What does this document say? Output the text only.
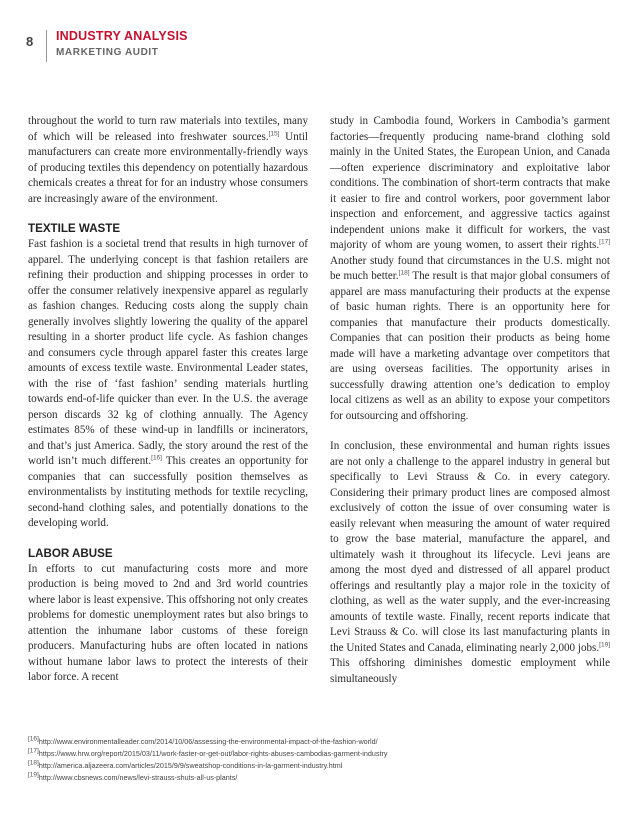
8 INDUSTRY ANALYSIS
MARKETING AUDIT

throughout the world to turn raw materials into textiles, many of which will be released into freshwater sources.[15] Until manufacturers can create more environmentally-friendly ways of producing textiles this dependency on potentially hazardous chemicals creates a threat for for an industry whose consumers are increasingly aware of the environment.

TEXTILE WASTE

Fast fashion is a societal trend that results in high turnover of apparel. The underlying concept is that fashion retailers are refining their production and shipping processes in order to offer the consumer relatively inexpensive apparel as regularly as fashion changes. Reducing costs along the supply chain generally involves slightly lowering the quality of the apparel resulting in a shorter product life cycle. As fashion changes and consumers cycle through apparel faster this creates large amounts of excess textile waste. Environmental Leader states, with the rise of ‘fast fashion’ sending materials hurtling towards end-of-life quicker than ever. In the U.S. the average person discards 32 kg of clothing annually. The Agency estimates 85% of these wind-up in landfills or incinerators, and that’s just America. Sadly, the story around the rest of the world isn’t much different.[16] This creates an opportunity for companies that can successfully position themselves as environmentalists by instituting methods for textile recycling, second-hand clothing sales, and potentially donations to the developing world.

LABOR ABUSE

In efforts to cut manufacturing costs more and more production is being moved to 2nd and 3rd world countries where labor is least expensive. This offshoring not only creates problems for domestic unemployment rates but also brings to attention the inhumane labor customs of these foreign producers. Manufacturing hubs are often located in nations without humane labor laws to protect the interests of their labor force. A recent

study in Cambodia found, Workers in Cambodia’s garment factories—frequently producing name-brand clothing sold mainly in the United States, the European Union, and Canada—often experience discriminatory and exploitative labor conditions. The combination of short-term contracts that make it easier to fire and control workers, poor government labor inspection and enforcement, and aggressive tactics against independent unions make it difficult for workers, the vast majority of whom are young women, to assert their rights.[17] Another study found that circumstances in the U.S. might not be much better.[18] The result is that major global consumers of apparel are mass manufacturing their products at the expense of basic human rights. There is an opportunity here for companies that manufacture their products domestically. Companies that can position their products as being home made will have a marketing advantage over competitors that are using overseas facilities. The opportunity arises in successfully drawing attention one’s dedication to employ local citizens as well as an ability to expose your competitors for outsourcing and offshoring.

In conclusion, these environmental and human rights issues are not only a challenge to the apparel industry in general but specifically to Levi Strauss & Co. in every category. Considering their primary product lines are composed almost exclusively of cotton the issue of over consuming water is easily relevant when measuring the amount of water required to grow the base material, manufacture the apparel, and ultimately wash it throughout its lifecycle. Levi jeans are among the most dyed and distressed of all apparel product offerings and resultantly play a major role in the toxicity of clothing, as well as the water supply, and the ever-increasing amounts of textile waste. Finally, recent reports indicate that Levi Strauss & Co. will close its last manufacturing plants in the United States and Canada, eliminating nearly 2,000 jobs.[19] This offshoring diminishes domestic employment while simultaneously

[16]http://www.environmentalleader.com/2014/10/06/assessing-the-environmental-impact-of-the-fashion-world/
[17]https://www.hrw.org/report/2015/03/11/work-faster-or-get-out/labor-rights-abuses-cambodias-garment-industry
[18]http://america.aljazeera.com/articles/2015/9/9/sweatshop-conditions-in-la-garment-industry.html
[19]http://www.cbsnews.com/news/levi-strauss-shuts-all-us-plants/
